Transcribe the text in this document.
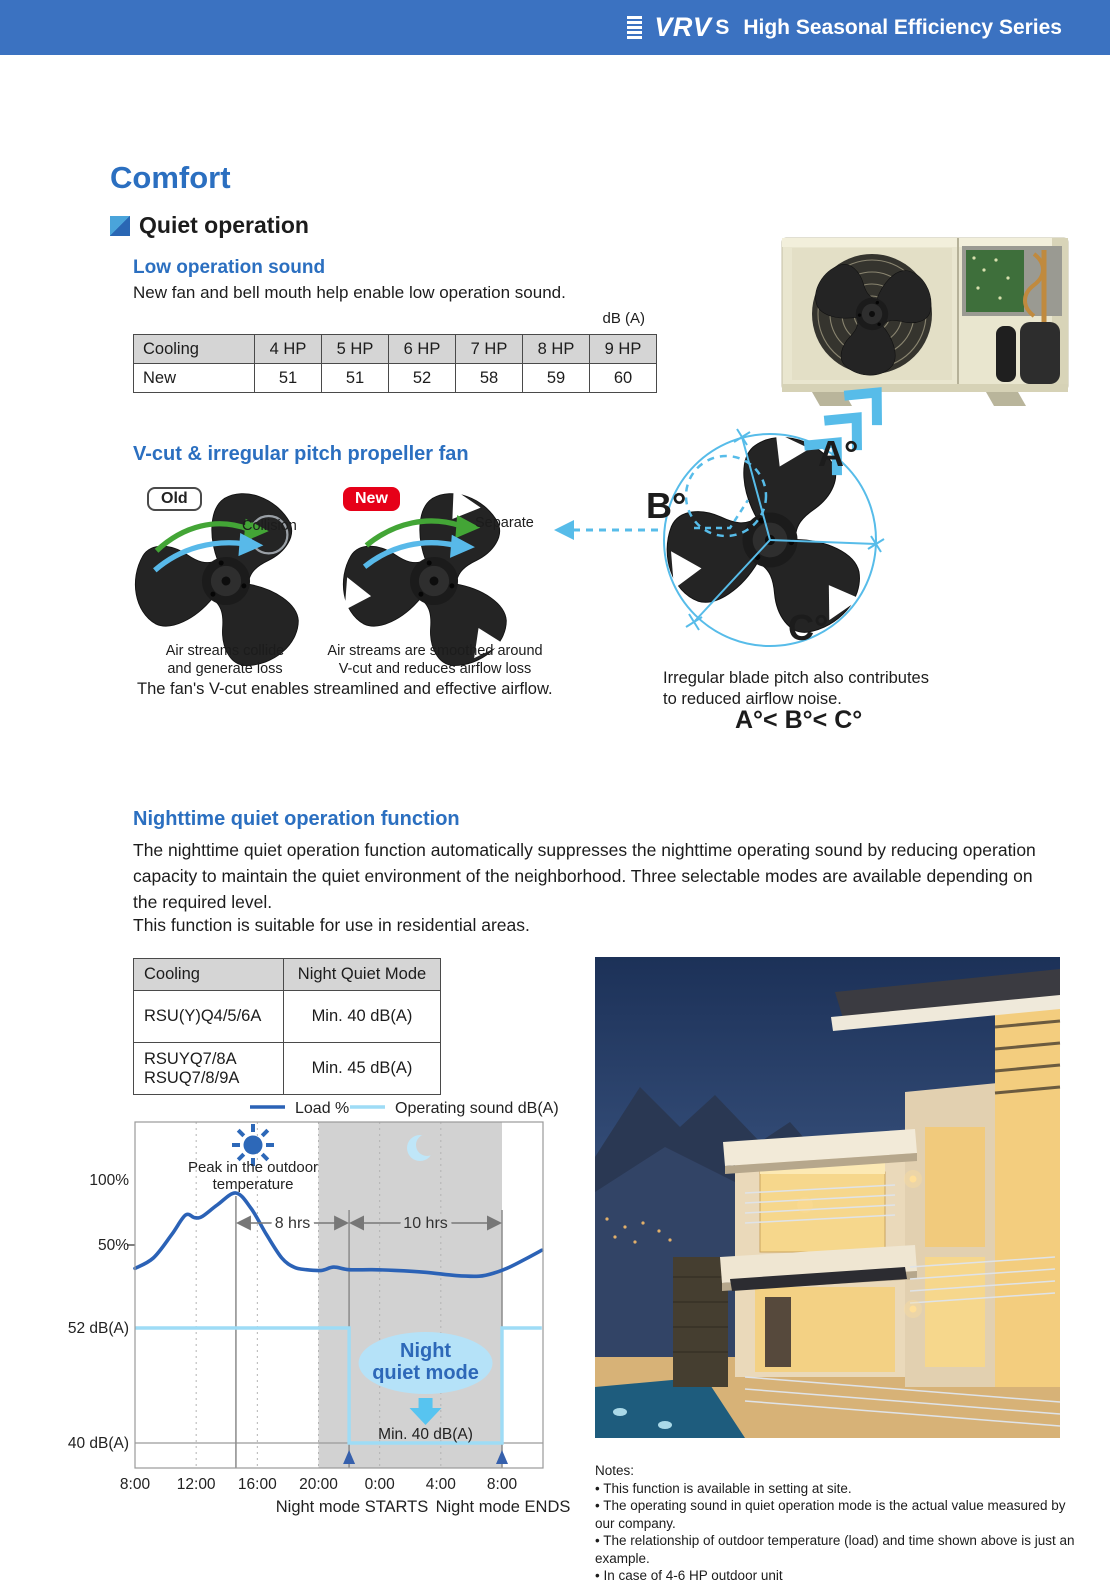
VRV S High Seasonal Efficiency Series
Comfort
Quiet operation
Low operation sound
New fan and bell mouth help enable low operation sound.
dB (A)
Cooling	4 HP	5 HP	6 HP	7 HP	8 HP	9 HP
New	51	51	52	58	59	60
V-cut & irregular pitch propeller fan
Old	New
Collision	Separate
Air streams collide
and generate loss
Air streams are smoothed around
V-cut and reduces airflow loss
The fan's V-cut enables streamlined and effective airflow.
A°
B°
C°
Irregular blade pitch also contributes
to reduced airflow noise.
A°< B°< C°
Nighttime quiet operation function
The nighttime quiet operation function automatically suppresses the nighttime operating sound by reducing operation capacity to maintain the quiet environment of the neighborhood. Three selectable modes are available depending on the required level.
This function is suitable for use in residential areas.
Cooling	Night Quiet Mode

RSU(Y)Q4/5/6A	Min. 40 dB(A)

RSUYQ7/8A
RSUQ7/8/9A	Min. 45 dB(A)
Load %	Operating sound dB(A)
Peak in the outdoor
temperature
8 hrs	10 hrs
Night
quiet mode
Min. 40 dB(A)
100%
50%
52 dB(A)
40 dB(A)
8:00 12:00 16:00 20:00 0:00 4:00 8:00
Night mode STARTS Night mode ENDS
Notes:
• This function is available in setting at site.
• The operating sound in quiet operation mode is the actual value measured by our company.
• The relationship of outdoor temperature (load) and time shown above is just an example.
• In case of 4-6 HP outdoor unit
